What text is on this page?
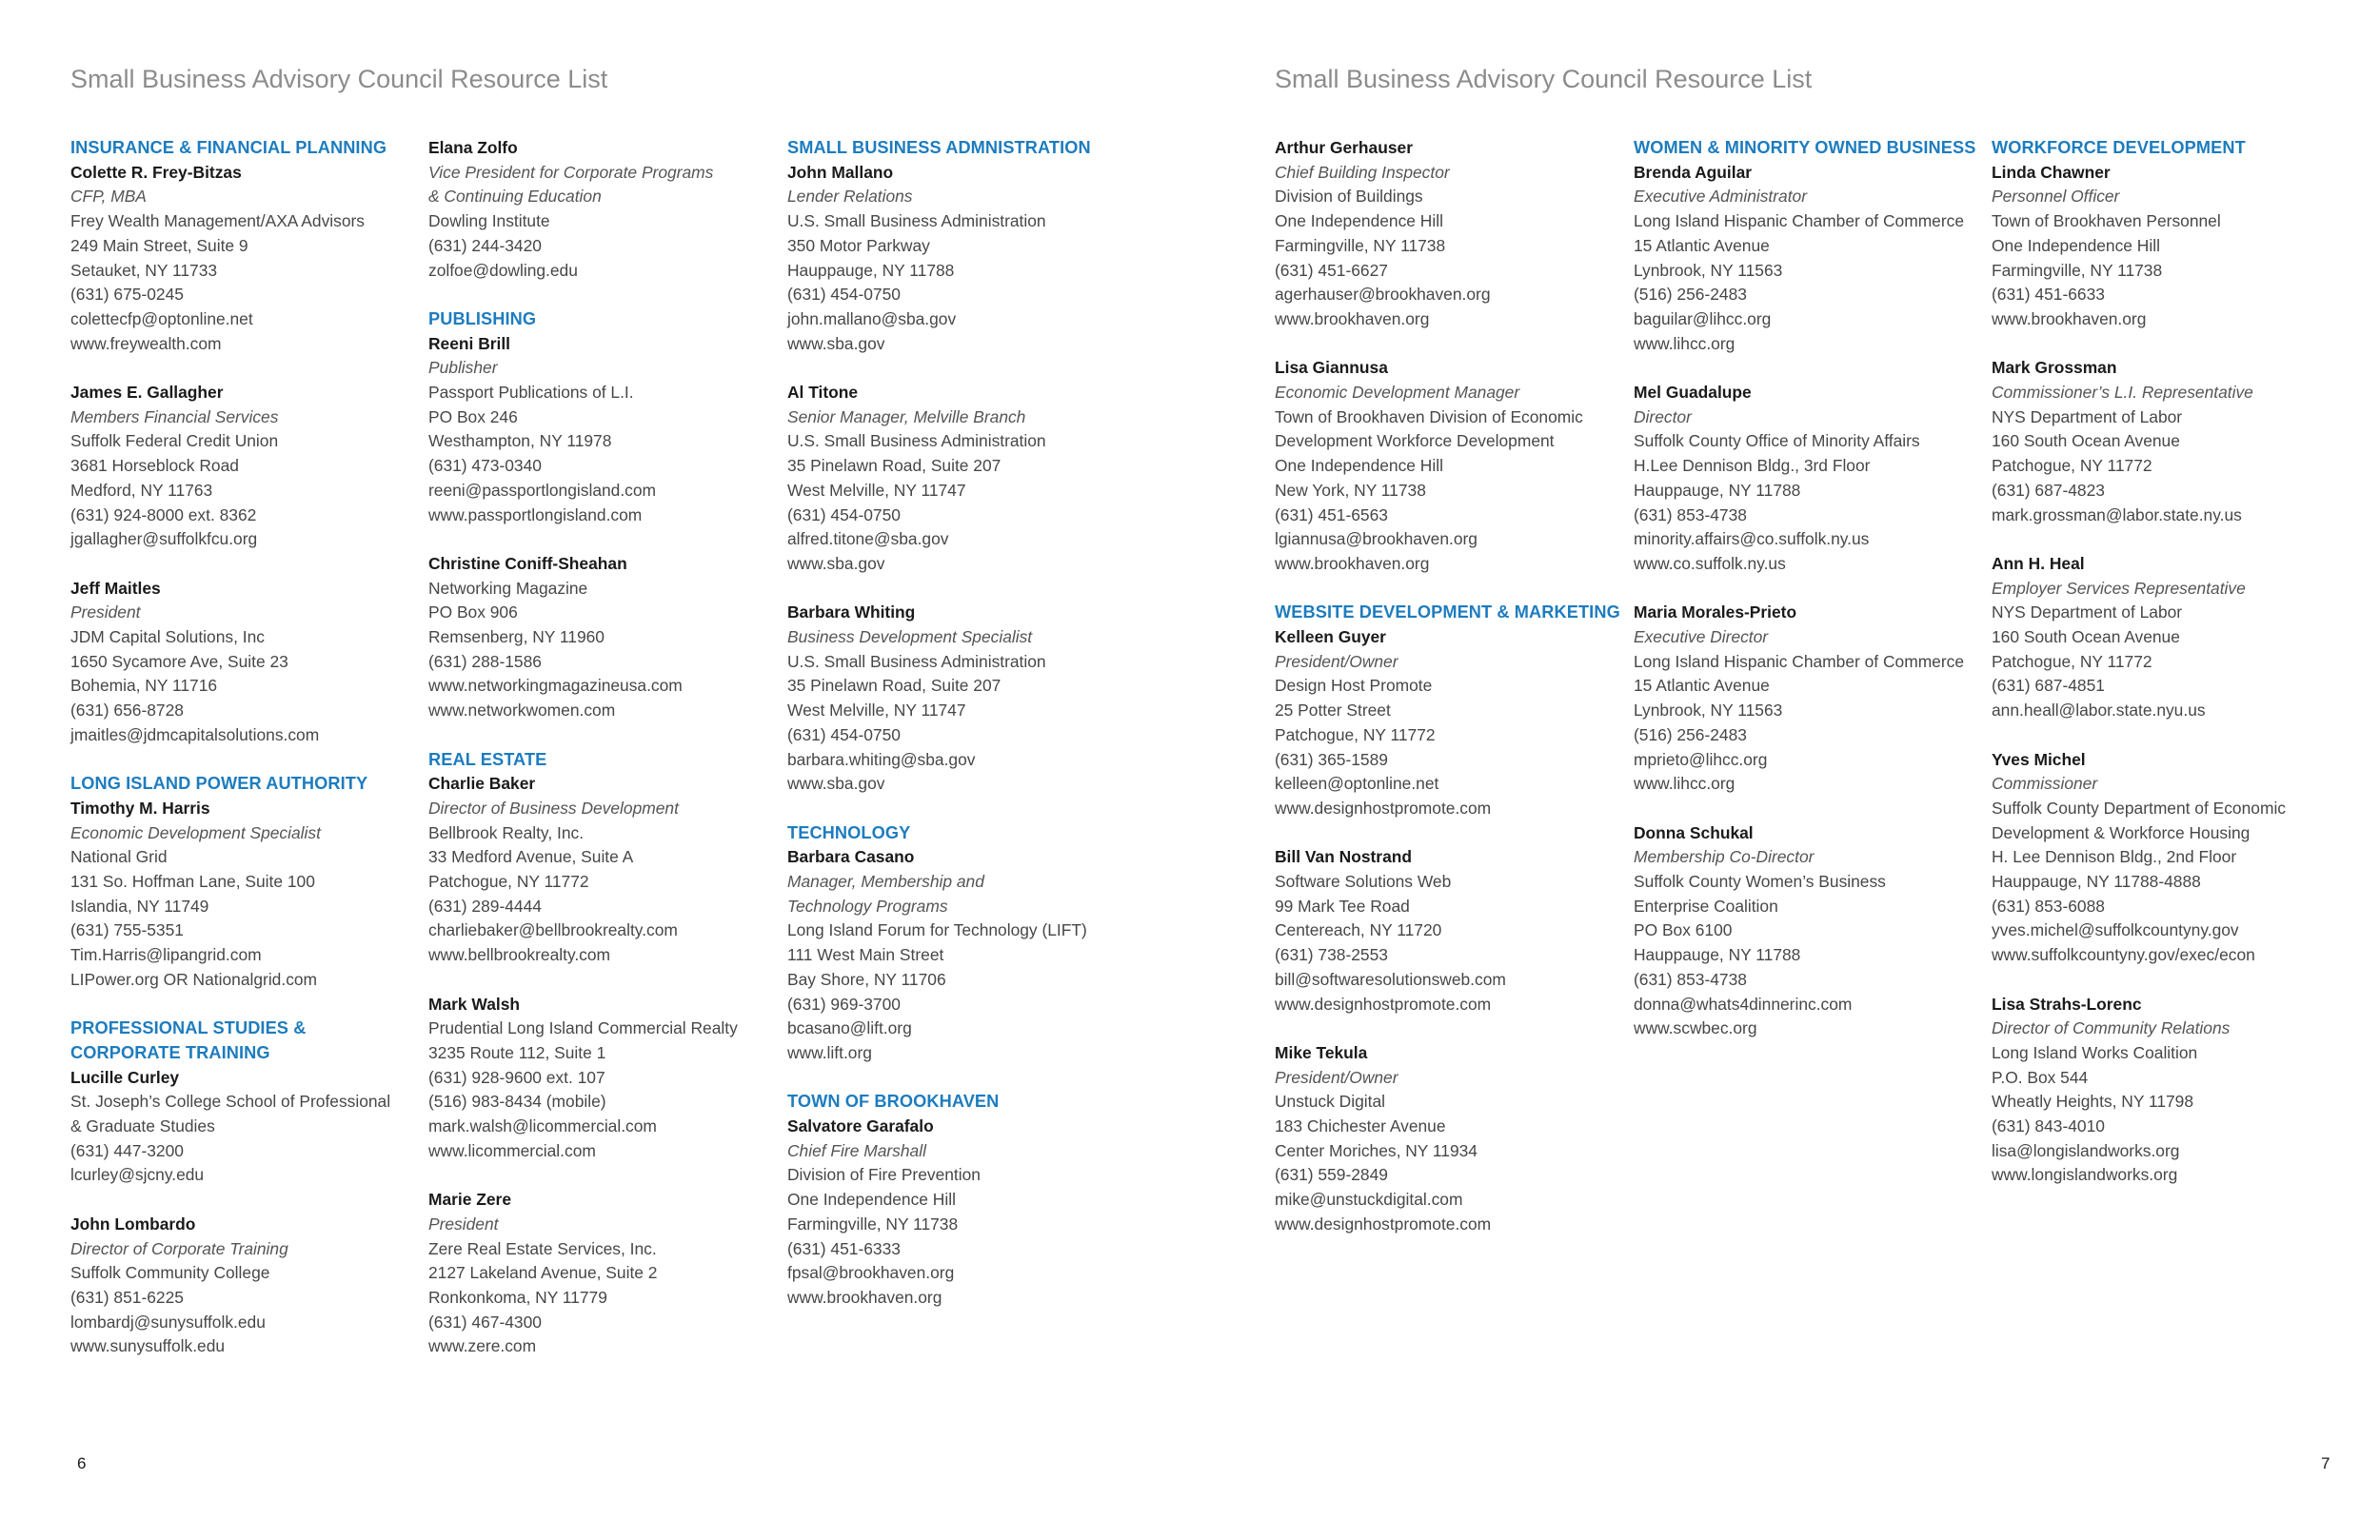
Small Business Advisory Council Resource List	Small Business Advisory Council Resource List
INSURANCE & FINANCIAL PLANNING
Colette R. Frey-Bitzas
CFP, MBA
Frey Wealth Management/AXA Advisors
249 Main Street, Suite 9
Setauket, NY 11733
(631) 675-0245
colettecfp@optonline.net
www.freywealth.com
James E. Gallagher
Members Financial Services
Suffolk Federal Credit Union
3681 Horseblock Road
Medford, NY 11763
(631) 924-8000 ext. 8362
jgallagher@suffolkfcu.org
Jeff Maitles
President
JDM Capital Solutions, Inc
1650 Sycamore Ave, Suite 23
Bohemia, NY 11716
(631) 656-8728
jmaitles@jdmcapitalsolutions.com
LONG ISLAND POWER AUTHORITY
Timothy M. Harris
Economic Development Specialist
National Grid
131 So. Hoffman Lane, Suite 100
Islandia, NY 11749
(631) 755-5351
Tim.Harris@lipangrid.com
LIPower.org OR Nationalgrid.com
PROFESSIONAL STUDIES &
CORPORATE TRAINING
Lucille Curley
St. Joseph’s College School of Professional
& Graduate Studies
(631) 447-3200
lcurley@sjcny.edu
John Lombardo
Director of Corporate Training
Suffolk Community College
(631) 851-6225
lombardj@sunysuffolk.edu
www.sunysuffolk.edu
Elana Zolfo
Vice President for Corporate Programs
& Continuing Education
Dowling Institute
(631) 244-3420
zolfoe@dowling.edu
PUBLISHING
Reeni Brill
Publisher
Passport Publications of L.I.
PO Box 246
Westhampton, NY 11978
(631) 473-0340
reeni@passportlongisland.com
www.passportlongisland.com
Christine Coniff-Sheahan
Networking Magazine
PO Box 906
Remsenberg, NY 11960
(631) 288-1586
www.networkingmagazineusa.com
www.networkwomen.com
REAL ESTATE
Charlie Baker
Director of Business Development
Bellbrook Realty, Inc.
33 Medford Avenue, Suite A
Patchogue, NY 11772
(631) 289-4444
charliebaker@bellbrookrealty.com
www.bellbrookrealty.com
Mark Walsh
Prudential Long Island Commercial Realty
3235 Route 112, Suite 1
(631) 928-9600 ext. 107
(516) 983-8434 (mobile)
mark.walsh@licommercial.com
www.licommercial.com
Marie Zere
President
Zere Real Estate Services, Inc.
2127 Lakeland Avenue, Suite 2
Ronkonkoma, NY 11779
(631) 467-4300
www.zere.com
SMALL BUSINESS ADMNISTRATION
John Mallano
Lender Relations
U.S. Small Business Administration
350 Motor Parkway
Hauppauge, NY 11788
(631) 454-0750
john.mallano@sba.gov
www.sba.gov
Al Titone
Senior Manager, Melville Branch
U.S. Small Business Administration
35 Pinelawn Road, Suite 207
West Melville, NY 11747
(631) 454-0750
alfred.titone@sba.gov
www.sba.gov
Barbara Whiting
Business Development Specialist
U.S. Small Business Administration
35 Pinelawn Road, Suite 207
West Melville, NY 11747
(631) 454-0750
barbara.whiting@sba.gov
www.sba.gov
TECHNOLOGY
Barbara Casano
Manager, Membership and
Technology Programs
Long Island Forum for Technology (LIFT)
111 West Main Street
Bay Shore, NY 11706
(631) 969-3700
bcasano@lift.org
www.lift.org
TOWN OF BROOKHAVEN
Salvatore Garafalo
Chief Fire Marshall
Division of Fire Prevention
One Independence Hill
Farmingville, NY 11738
(631) 451-6333
fpsal@brookhaven.org
www.brookhaven.org
Arthur Gerhauser
Chief Building Inspector
Division of Buildings
One Independence Hill
Farmingville, NY 11738
(631) 451-6627
agerhauser@brookhaven.org
www.brookhaven.org
Lisa Giannusa
Economic Development Manager
Town of Brookhaven Division of Economic
Development Workforce Development
One Independence Hill
New York, NY 11738
(631) 451-6563
lgiannusa@brookhaven.org
www.brookhaven.org
WEBSITE DEVELOPMENT & MARKETING
Kelleen Guyer
President/Owner
Design Host Promote
25 Potter Street
Patchogue, NY 11772
(631) 365-1589
kelleen@optonline.net
www.designhostpromote.com
Bill Van Nostrand
Software Solutions Web
99 Mark Tee Road
Centereach, NY 11720
(631) 738-2553
bill@softwaresolutionsweb.com
www.designhostpromote.com
Mike Tekula
President/Owner
Unstuck Digital
183 Chichester Avenue
Center Moriches, NY 11934
(631) 559-2849
mike@unstuckdigital.com
www.designhostpromote.com
WOMEN & MINORITY OWNED BUSINESS
Brenda Aguilar
Executive Administrator
Long Island Hispanic Chamber of Commerce
15 Atlantic Avenue
Lynbrook, NY 11563
(516) 256-2483
baguilar@lihcc.org
www.lihcc.org
Mel Guadalupe
Director
Suffolk County Office of Minority Affairs
H.Lee Dennison Bldg., 3rd Floor
Hauppauge, NY 11788
(631) 853-4738
minority.affairs@co.suffolk.ny.us
www.co.suffolk.ny.us
Maria Morales-Prieto
Executive Director
Long Island Hispanic Chamber of Commerce
15 Atlantic Avenue
Lynbrook, NY 11563
(516) 256-2483
mprieto@lihcc.org
www.lihcc.org
Donna Schukal
Membership Co-Director
Suffolk County Women’s Business
Enterprise Coalition
PO Box 6100
Hauppauge, NY 11788
(631) 853-4738
donna@whats4dinnerinc.com
www.scwbec.org
WORKFORCE DEVELOPMENT
Linda Chawner
Personnel Officer
Town of Brookhaven Personnel
One Independence Hill
Farmingville, NY 11738
(631) 451-6633
www.brookhaven.org
Mark Grossman
Commissioner’s L.I. Representative
NYS Department of Labor
160 South Ocean Avenue
Patchogue, NY 11772
(631) 687-4823
mark.grossman@labor.state.ny.us
Ann H. Heal
Employer Services Representative
NYS Department of Labor
160 South Ocean Avenue
Patchogue, NY 11772
(631) 687-4851
ann.heall@labor.state.nyu.us
Yves Michel
Commissioner
Suffolk County Department of Economic
Development & Workforce Housing
H. Lee Dennison Bldg., 2nd Floor
Hauppauge, NY 11788-4888
(631) 853-6088
yves.michel@suffolkcountyny.gov
www.suffolkcountyny.gov/exec/econ
Lisa Strahs-Lorenc
Director of Community Relations
Long Island Works Coalition
P.O. Box 544
Wheatly Heights, NY 11798
(631) 843-4010
lisa@longislandworks.org
www.longislandworks.org
6	7
